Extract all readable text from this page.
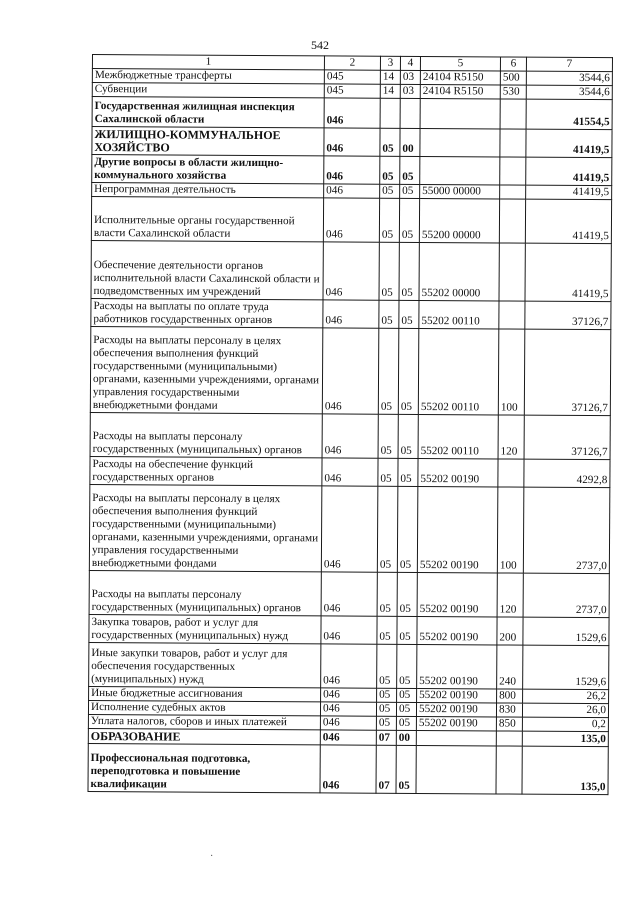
542
1	2	3	4	5	6	7
Межбюджетные трансферты	045	14	03	24104 R5150	500	3544,6
Субвенции	045	14	03	24104 R5150	530	3544,6
Государственная жилищная инспекция Сахалинской области	046					41554,5
ЖИЛИЩНО-КОММУНАЛЬНОЕ ХОЗЯЙСТВО	046	05	00			41419,5
Другие вопросы в области жилищно-коммунального хозяйства	046	05	05			41419,5
Непрограммная деятельность	046	05	05	55000 00000		41419,5
Исполнительные органы государственной власти Сахалинской области	046	05	05	55200 00000		41419,5
Обеспечение деятельности органов исполнительной власти Сахалинской области и подведомственных им учреждений	046	05	05	55202 00000		41419,5
Расходы на выплаты по оплате труда работников государственных органов	046	05	05	55202 00110		37126,7
Расходы на выплаты персоналу в целях обеспечения выполнения функций государственными (муниципальными) органами, казенными учреждениями, органами управления государственными внебюджетными фондами	046	05	05	55202 00110	100	37126,7
Расходы на выплаты персоналу государственных (муниципальных) органов	046	05	05	55202 00110	120	37126,7
Расходы на обеспечение функций государственных органов	046	05	05	55202 00190		4292,8
Расходы на выплаты персоналу в целях обеспечения выполнения функций государственными (муниципальными) органами, казенными учреждениями, органами управления государственными внебюджетными фондами	046	05	05	55202 00190	100	2737,0
Расходы на выплаты персоналу государственных (муниципальных) органов	046	05	05	55202 00190	120	2737,0
Закупка товаров, работ и услуг для государственных (муниципальных) нужд	046	05	05	55202 00190	200	1529,6
Иные закупки товаров, работ и услуг для обеспечения государственных (муниципальных) нужд	046	05	05	55202 00190	240	1529,6
Иные бюджетные ассигнования	046	05	05	55202 00190	800	26,2
Исполнение судебных актов	046	05	05	55202 00190	830	26,0
Уплата налогов, сборов и иных платежей	046	05	05	55202 00190	850	0,2
ОБРАЗОВАНИЕ	046	07	00			135,0
Профессиональная подготовка, переподготовка и повышение квалификации	046	07	05			135,0
·
